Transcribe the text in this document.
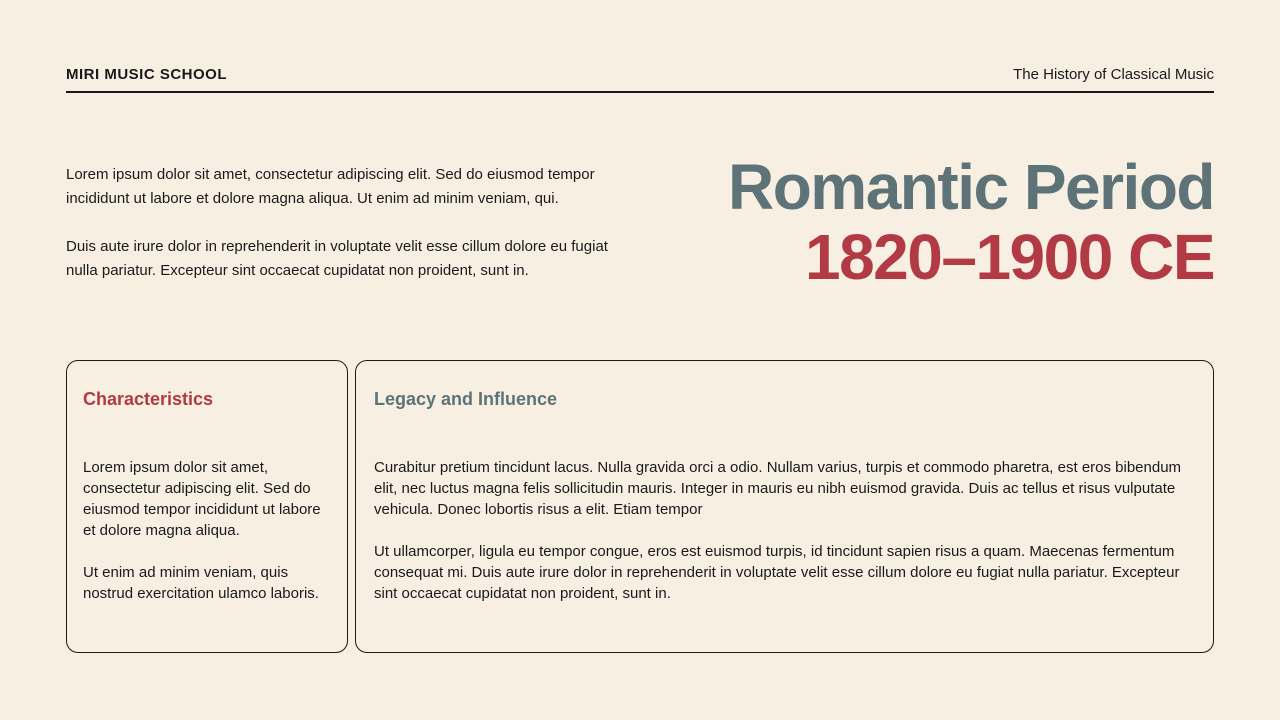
MIRI MUSIC SCHOOL	The History of Classical Music

Lorem ipsum dolor sit amet, consectetur adipiscing elit. Sed do eiusmod tempor incididunt ut labore et dolore magna aliqua. Ut enim ad minim veniam, qui.

Duis aute irure dolor in reprehenderit in voluptate velit esse cillum dolore eu fugiat nulla pariatur. Excepteur sint occaecat cupidatat non proident, sunt in.

Romantic Period
1820–1900 CE
Characteristics

Lorem ipsum dolor sit amet, consectetur adipiscing elit. Sed do eiusmod tempor incididunt ut labore et dolore magna aliqua.

Ut enim ad minim veniam, quis nostrud exercitation ulamco laboris.

Legacy and Influence

Curabitur pretium tincidunt lacus. Nulla gravida orci a odio. Nullam varius, turpis et commodo pharetra, est eros bibendum elit, nec luctus magna felis sollicitudin mauris. Integer in mauris eu nibh euismod gravida. Duis ac tellus et risus vulputate vehicula. Donec lobortis risus a elit. Etiam tempor

Ut ullamcorper, ligula eu tempor congue, eros est euismod turpis, id tincidunt sapien risus a quam. Maecenas fermentum consequat mi. Duis aute irure dolor in reprehenderit in voluptate velit esse cillum dolore eu fugiat nulla pariatur. Excepteur sint occaecat cupidatat non proident, sunt in.
